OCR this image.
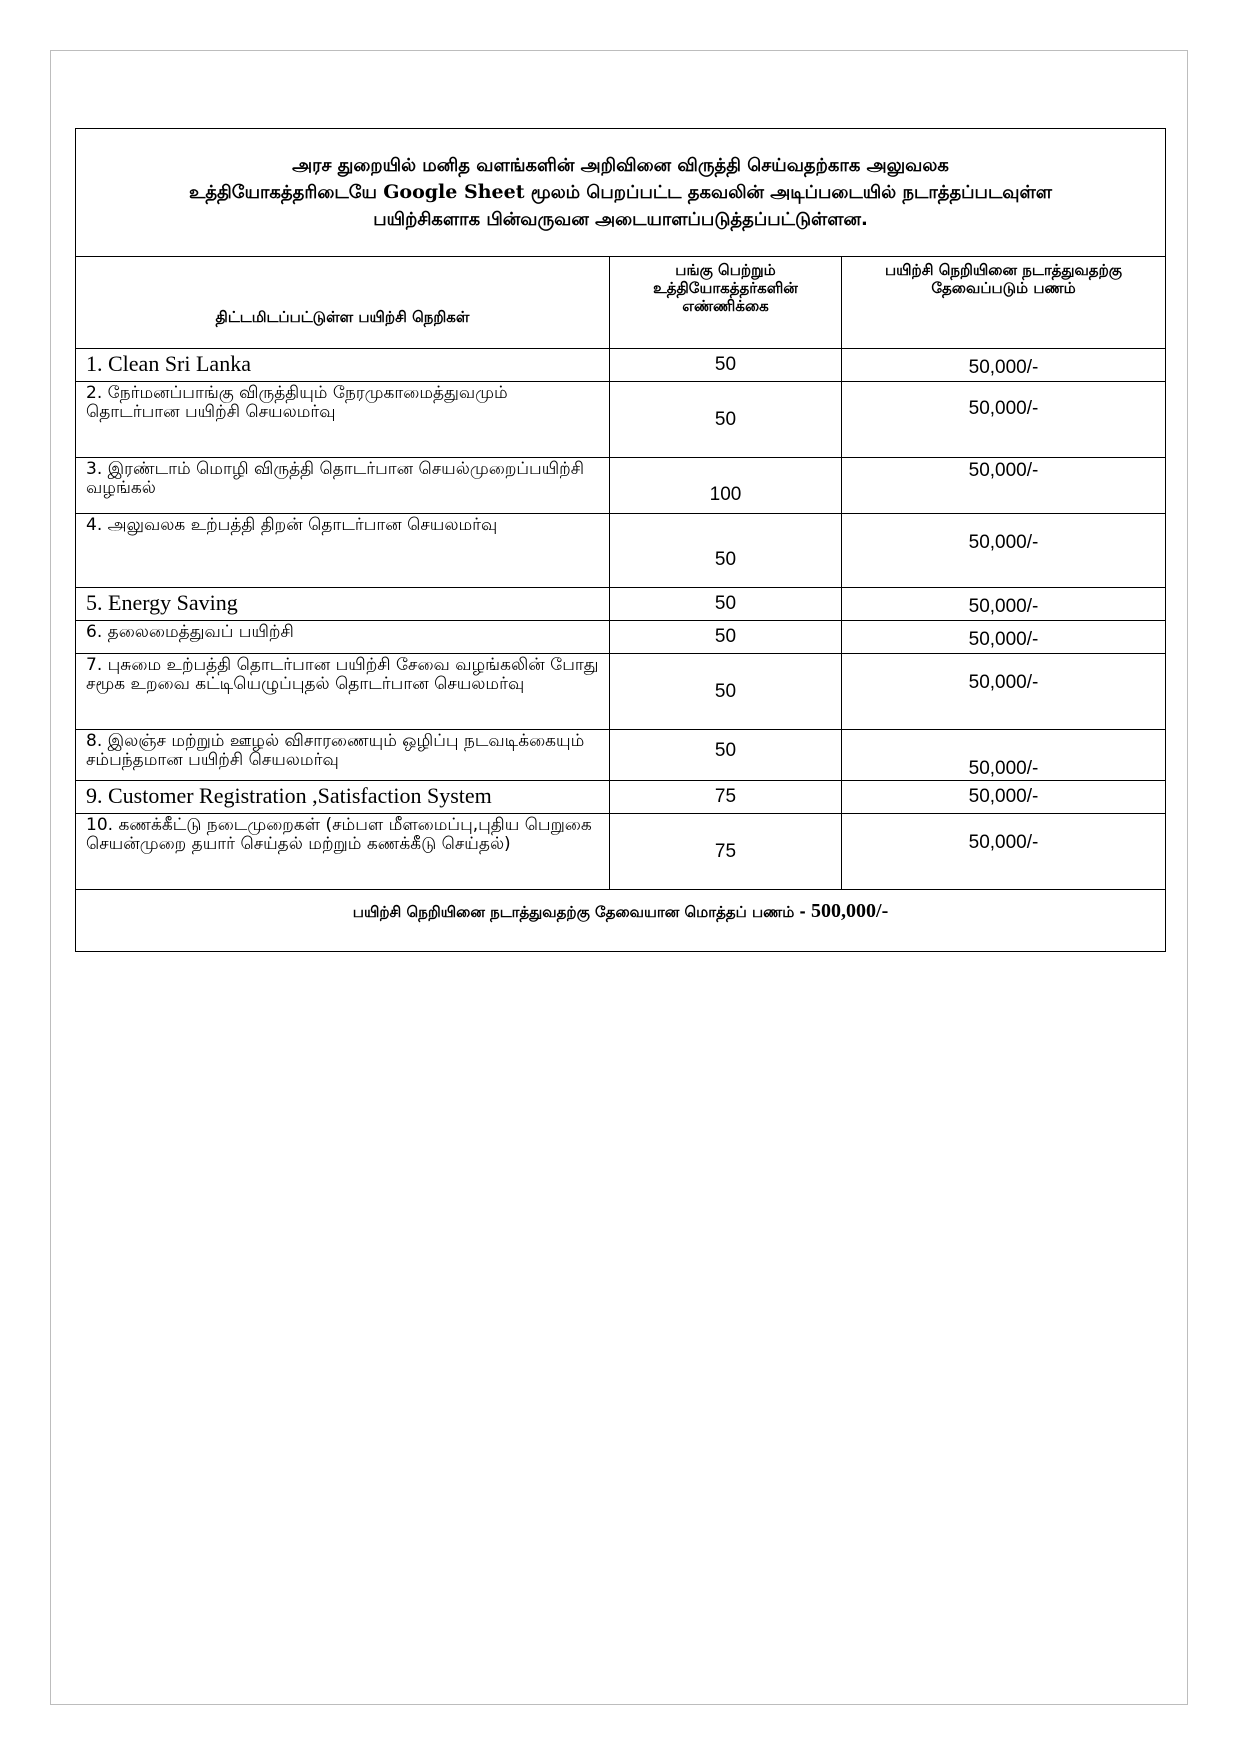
அரச துறையில் மனித வளங்களின் அறிவினை விருத்தி செய்வதற்காக அலுவலக
உத்தியோகத்தரிடையே Google Sheet மூலம் பெறப்பட்ட தகவலின் அடிப்படையில் நடாத்தப்படவுள்ள
பயிற்சிகளாக பின்வருவன அடையாளப்படுத்தப்பட்டுள்ளன.		

திட்டமிடப்பட்டுள்ள பயிற்சி நெறிகள்	பங்கு பெற்றும் உத்தியோகத்தர்களின் எண்ணிக்கை	பயிற்சி நெறியினை நடாத்துவதற்கு தேவைப்படும் பணம்
1. Clean Sri Lanka	50	50,000/-
2. நேர்மனப்பாங்கு விருத்தியும் நேரமுகாமைத்துவமும் தொடர்பான பயிற்சி செயலமர்வு	50	50,000/-
3. இரண்டாம் மொழி விருத்தி தொடர்பான செயல்முறைப்பயிற்சி வழங்கல்	100	50,000/-
4. அலுவலக உற்பத்தி திறன் தொடர்பான செயலமர்வு	50	50,000/-
5. Energy Saving	50	50,000/-
6. தலைமைத்துவப் பயிற்சி	50	50,000/-
7. புசுமை உற்பத்தி தொடர்பான பயிற்சி சேவை வழங்கலின் போது சமூக உறவை கட்டியெழுப்புதல் தொடர்பான செயலமர்வு	50	50,000/-
8. இலஞ்ச மற்றும் ஊழல் விசாரணையும் ஒழிப்பு நடவடிக்கையும் சம்பந்தமான பயிற்சி செயலமர்வு	50	50,000/-
9. Customer Registration ,Satisfaction System	75	50,000/-
10. கணக்கீட்டு நடைமுறைகள் (சம்பள மீளமைப்பு,புதிய பெறுகை செயன்முறை தயார் செய்தல் மற்றும் கணக்கீடு செய்தல்)	75	50,000/-
பயிற்சி நெறியினை நடாத்துவதற்கு தேவையான மொத்தப் பணம் - 500,000/-		
